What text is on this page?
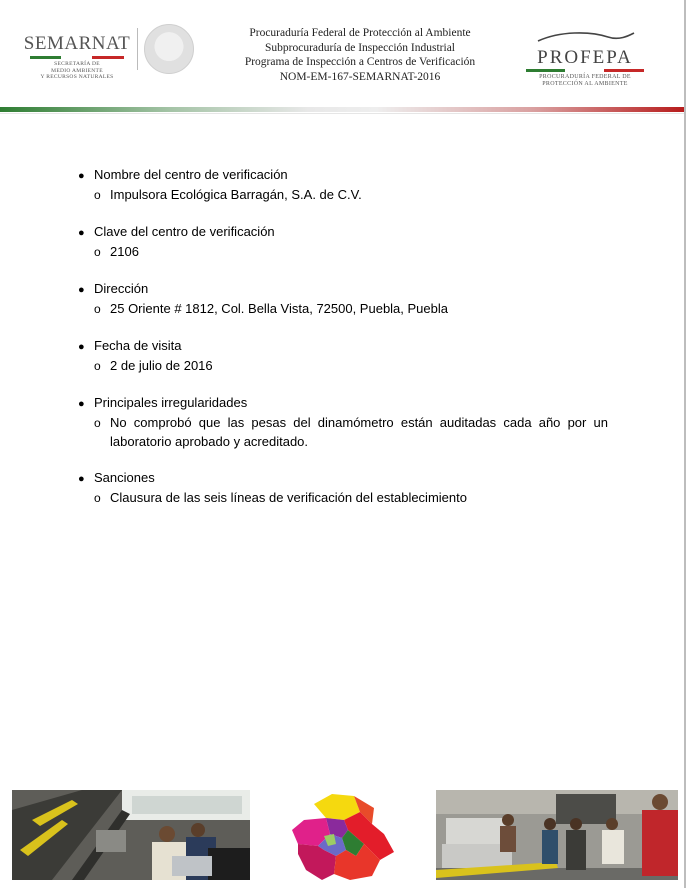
SEMARNAT
SECRETARÍA DE
MEDIO AMBIENTE
Y RECURSOS NATURALES
Procuraduría Federal de Protección al Ambiente
Subprocuraduría de Inspección Industrial
Programa de Inspección a Centros de Verificación
NOM-EM-167-SEMARNAT-2016
PROFEPA
PROCURADURÍA FEDERAL DE
PROTECCIÓN AL AMBIENTE
● Nombre del centro de verificación
o Impulsora Ecológica Barragán, S.A. de C.V.
● Clave del centro de verificación
o 2106
● Dirección
o 25 Oriente # 1812, Col. Bella Vista, 72500, Puebla, Puebla
● Fecha de visita
o 2 de julio de 2016
● Principales irregularidades
o No comprobó que las pesas del dinamómetro están auditadas cada año por un laboratorio aprobado y acreditado.
● Sanciones
o Clausura de las seis líneas de verificación del establecimiento
